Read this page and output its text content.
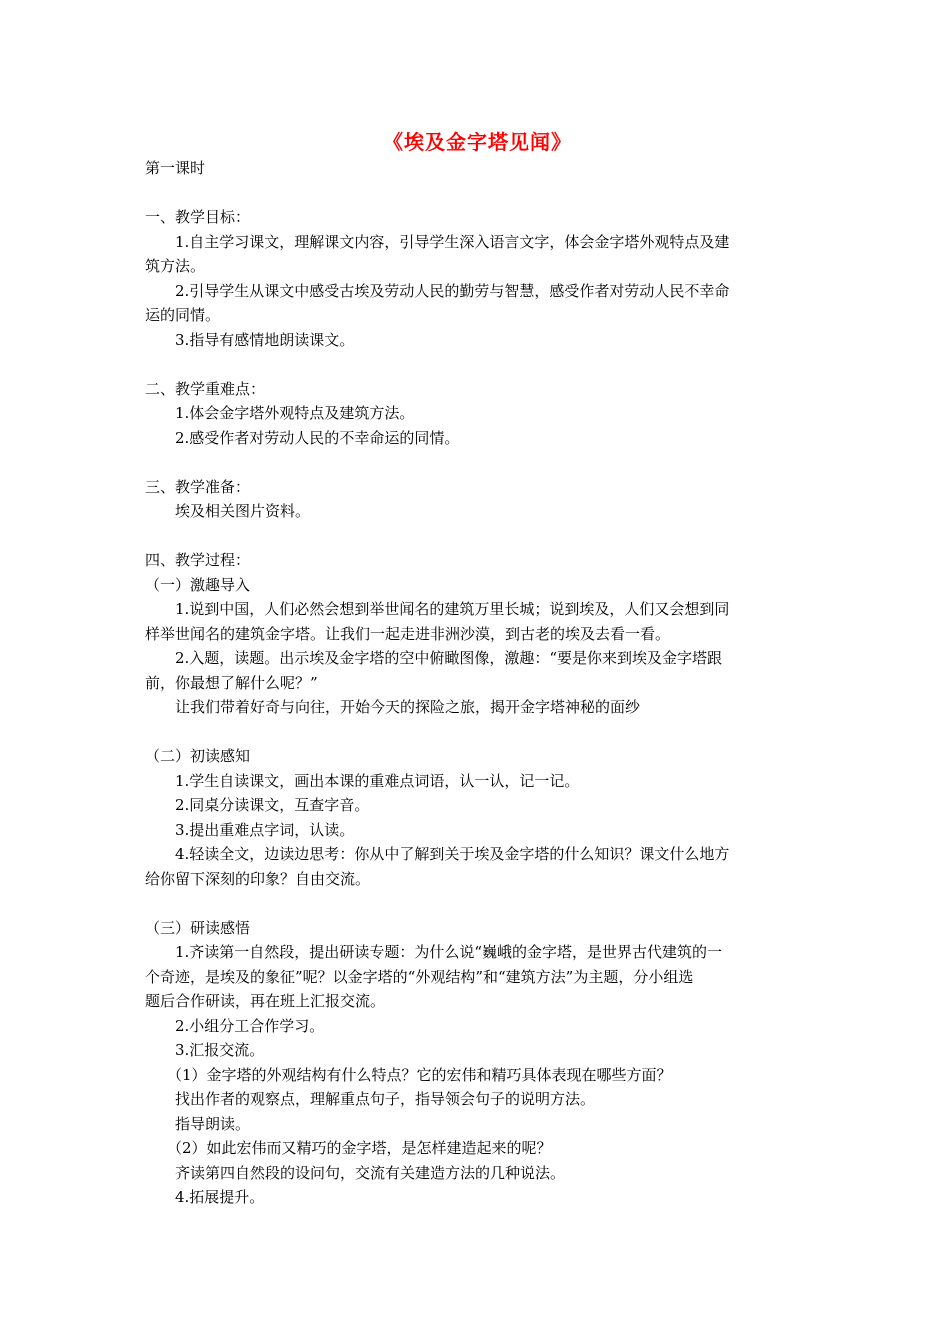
《埃及金字塔见闻》
第一课时
一、教学目标：
1.自主学习课文，理解课文内容，引导学生深入语言文字，体会金字塔外观特点及建
筑方法。
2.引导学生从课文中感受古埃及劳动人民的勤劳与智慧，感受作者对劳动人民不幸命
运的同情。
3.指导有感情地朗读课文。
二、教学重难点：
1.体会金字塔外观特点及建筑方法。
2.感受作者对劳动人民的不幸命运的同情。
三、教学准备：
埃及相关图片资料。
四、教学过程：
（一）激趣导入
1.说到中国，人们必然会想到举世闻名的建筑万里长城；说到埃及，人们又会想到同
样举世闻名的建筑金字塔。让我们一起走进非洲沙漠，到古老的埃及去看一看。
2.入题，读题。出示埃及金字塔的空中俯瞰图像，激趣：“要是你来到埃及金字塔跟
前，你最想了解什么呢？”
让我们带着好奇与向往，开始今天的探险之旅，揭开金字塔神秘的面纱
（二）初读感知
1.学生自读课文，画出本课的重难点词语，认一认，记一记。
2.同桌分读课文，互查字音。
3.提出重难点字词，认读。
4.轻读全文，边读边思考：你从中了解到关于埃及金字塔的什么知识？课文什么地方
给你留下深刻的印象？自由交流。
（三）研读感悟
1.齐读第一自然段，提出研读专题：为什么说“巍峨的金字塔，是世界古代建筑的一
个奇迹，是埃及的象征”呢？以金字塔的“外观结构”和“建筑方法”为主题，分小组选
题后合作研读，再在班上汇报交流。
2.小组分工合作学习。
3.汇报交流。
（1）金字塔的外观结构有什么特点？它的宏伟和精巧具体表现在哪些方面？
找出作者的观察点，理解重点句子，指导领会句子的说明方法。
指导朗读。
（2）如此宏伟而又精巧的金字塔，是怎样建造起来的呢？
齐读第四自然段的设问句，交流有关建造方法的几种说法。
4.拓展提升。
